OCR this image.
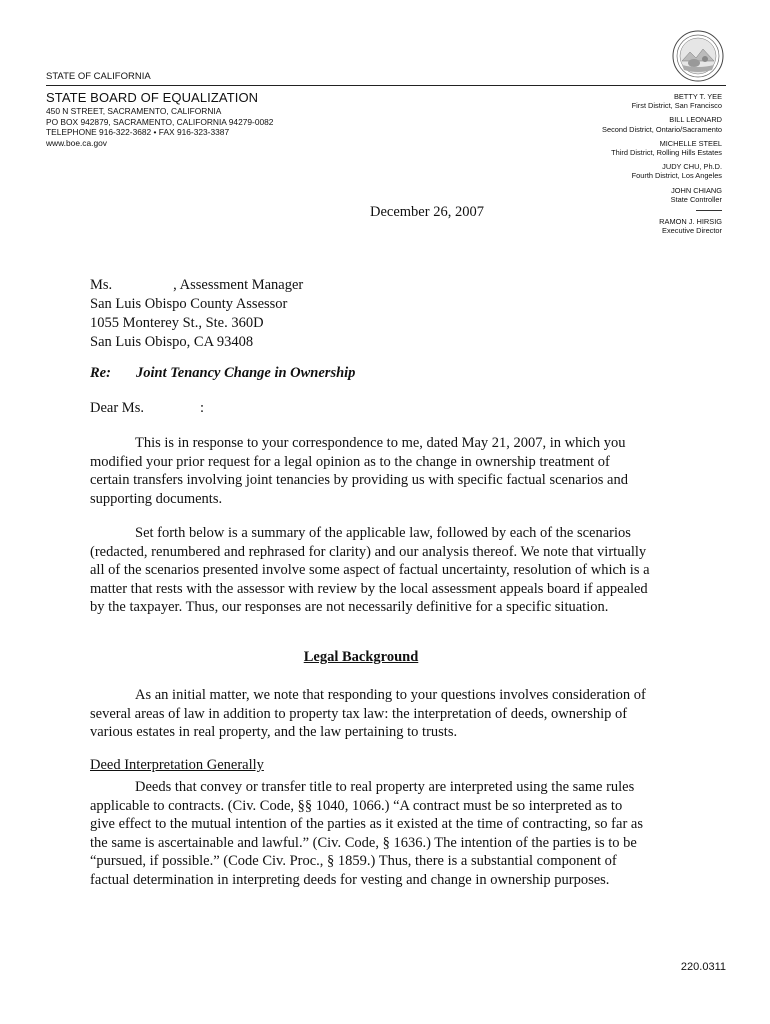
STATE OF CALIFORNIA
STATE BOARD OF EQUALIZATION
450 N STREET, SACRAMENTO, CALIFORNIA
PO BOX 942879, SACRAMENTO, CALIFORNIA 94279-0082
TELEPHONE 916-322-3682 • FAX 916-323-3387
www.boe.ca.gov
BETTY T. YEE
First District, San Francisco
BILL LEONARD
Second District, Ontario/Sacramento
MICHELLE STEEL
Third District, Rolling Hills Estates
JUDY CHU, Ph.D.
Fourth District, Los Angeles
JOHN CHIANG
State Controller
RAMON J. HIRSIG
Executive Director
December 26, 2007
Ms.	, Assessment Manager
San Luis Obispo County Assessor
1055 Monterey St., Ste. 360D
San Luis Obispo, CA 93408
Re: Joint Tenancy Change in Ownership
Dear Ms.	:

This is in response to your correspondence to me, dated May 21, 2007, in which you modified your prior request for a legal opinion as to the change in ownership treatment of certain transfers involving joint tenancies by providing us with specific factual scenarios and supporting documents.

Set forth below is a summary of the applicable law, followed by each of the scenarios (redacted, renumbered and rephrased for clarity) and our analysis thereof. We note that virtually all of the scenarios presented involve some aspect of factual uncertainty, resolution of which is a matter that rests with the assessor with review by the local assessment appeals board if appealed by the taxpayer. Thus, our responses are not necessarily definitive for a specific situation.

Legal Background

As an initial matter, we note that responding to your questions involves consideration of several areas of law in addition to property tax law: the interpretation of deeds, ownership of various estates in real property, and the law pertaining to trusts.

Deed Interpretation Generally

Deeds that convey or transfer title to real property are interpreted using the same rules applicable to contracts. (Civ. Code, §§ 1040, 1066.) “A contract must be so interpreted as to give effect to the mutual intention of the parties as it existed at the time of contracting, so far as the same is ascertainable and lawful.” (Civ. Code, § 1636.) The intention of the parties is to be “pursued, if possible.” (Code Civ. Proc., § 1859.) Thus, there is a substantial component of factual determination in interpreting deeds for vesting and change in ownership purposes.

220.0311
